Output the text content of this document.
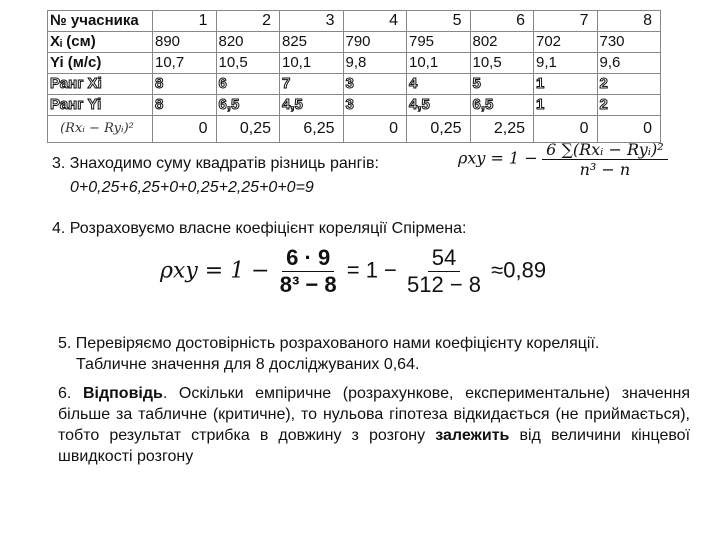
№ учасника	1	2	3	4	5	6	7	8
Xᵢ (см)	890	820	825	790	795	802	702	730
Yi (м/с)	10,7	10,5	10,1	9,8	10,1	10,5	9,1	9,6
Ранг Xi	8	6	7	3	4	5	1	2
Ранг Yi	8	6,5	4,5	3	4,5	6,5	1	2
(Rxᵢ − Ryᵢ)²	0	0,25	6,25	0	0,25	2,25	0	0
3. Знаходимо суму квадратів різниць рангів:
0+0,25+6,25+0+0,25+2,25+0+0=9
$\rho xy = 1 - \frac{\text{6 ∑(Rxᵢ − Ryᵢ)²}}{\text{n³ − n}}$
4. Розраховуємо власне коефіцієнт кореляції Спірмена:
$\rho xy = 1 - \frac{6 \cdot 9}{\text{8³ − 8}} = 1 - \frac{54}{512 - 8} \approx 0,89$
5. Перевіряємо достовірність розрахованого нами коефіцієнту кореляції.
Табличне значення для 8 досліджуваних 0,64.
6. Відповідь. Оскільки емпіричне (розрахункове, експериментальне) значення більше за табличне (критичне), то нульова гіпотеза відкидається (не приймається), тобто результат стрибка в довжину з розгону залежить від величини кінцевої швидкості розгону
